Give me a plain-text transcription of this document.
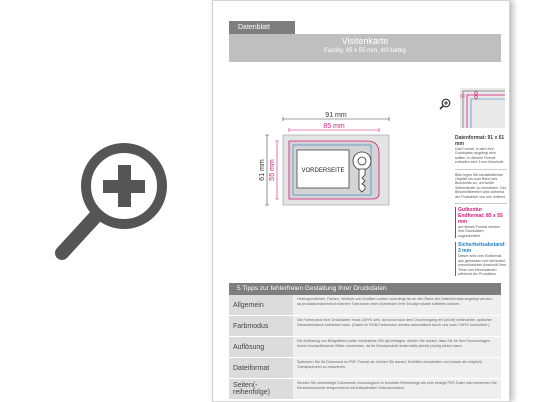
Datenblatt
Visitenkarte
Facility, 85 x 55 mm, 4/0-farbig
VORDERSEITE
91 mm
85 mm
61 mm 55 mm
Datenformat: 91 x 61 mm
Das Format, in dem Ihre Druckdaten angelegt sein sollten. In diesem Format enthalten sind 3 mm Beschnitt.
Bitte legen Sie randabfallende Objekte bis zum Rand des Beschnitts an, um weiße Seitenränder zu vermeiden. Der Beschnittbereich wird während der Produktion von uns entfernt.
Gutkontur
Endformat: 85 x 55 mm
Auf dieses Format werden Ihre Druckdaten zugeschnitten.
Sicherheitsabstand: 3 mm
Dieser wird vom Endformat aus gemessen und verhindert unerwünschten Anschnitt Ihrer Texte und Informationen während der Produktion.
5 Tipps zur fehlerfreien Gestaltung Ihrer Druckdaten
Allgemein
Hintergrundbilder, Farben, Verläufe und Grafiken sollten unbedingt bis an den Rand des Datenformats angelegt werden, da produktionstechnisch kleinere Toleranzen beim Schneiden Ihrer Druckprodukte auftreten können.
Farbmodus
Die Farbmodus Ihrer Druckdaten muss CMYK sein, da sonst nach dem Druckvorgang ein (leicht) veränderter, optischer Gesamteindruck entstehen kann. (Daten im RGB-Farbmodus werden automatisch durch uns nach CMYK konvertiert.)
Auflösung
Die Auflösung von Bildgrafiken sollte mindestens 300 dpi betragen. Achten Sie darauf, dass Sie für Ihre Druckvorlagen immer hochauflösende Bilder verwenden, da Ihr Druckprodukt andernfalls (leicht) pixelig wirken kann.
Dateiformat
Speichern Sie Ihr Dokument im PDF-Format ab. Achten Sie darauf, Schriften einzubetten und (sowie als möglich) Transparenzen zu reduzieren.
Seiten(-reihenfolge)
Senden Sie mehrseitige Dokumente chronologisch in korrekter Reihenfolge als eine einzige PDF-Datei oder benennen Sie Einzeldokumente entsprechend mit fortlaufenden Seitennummern.
